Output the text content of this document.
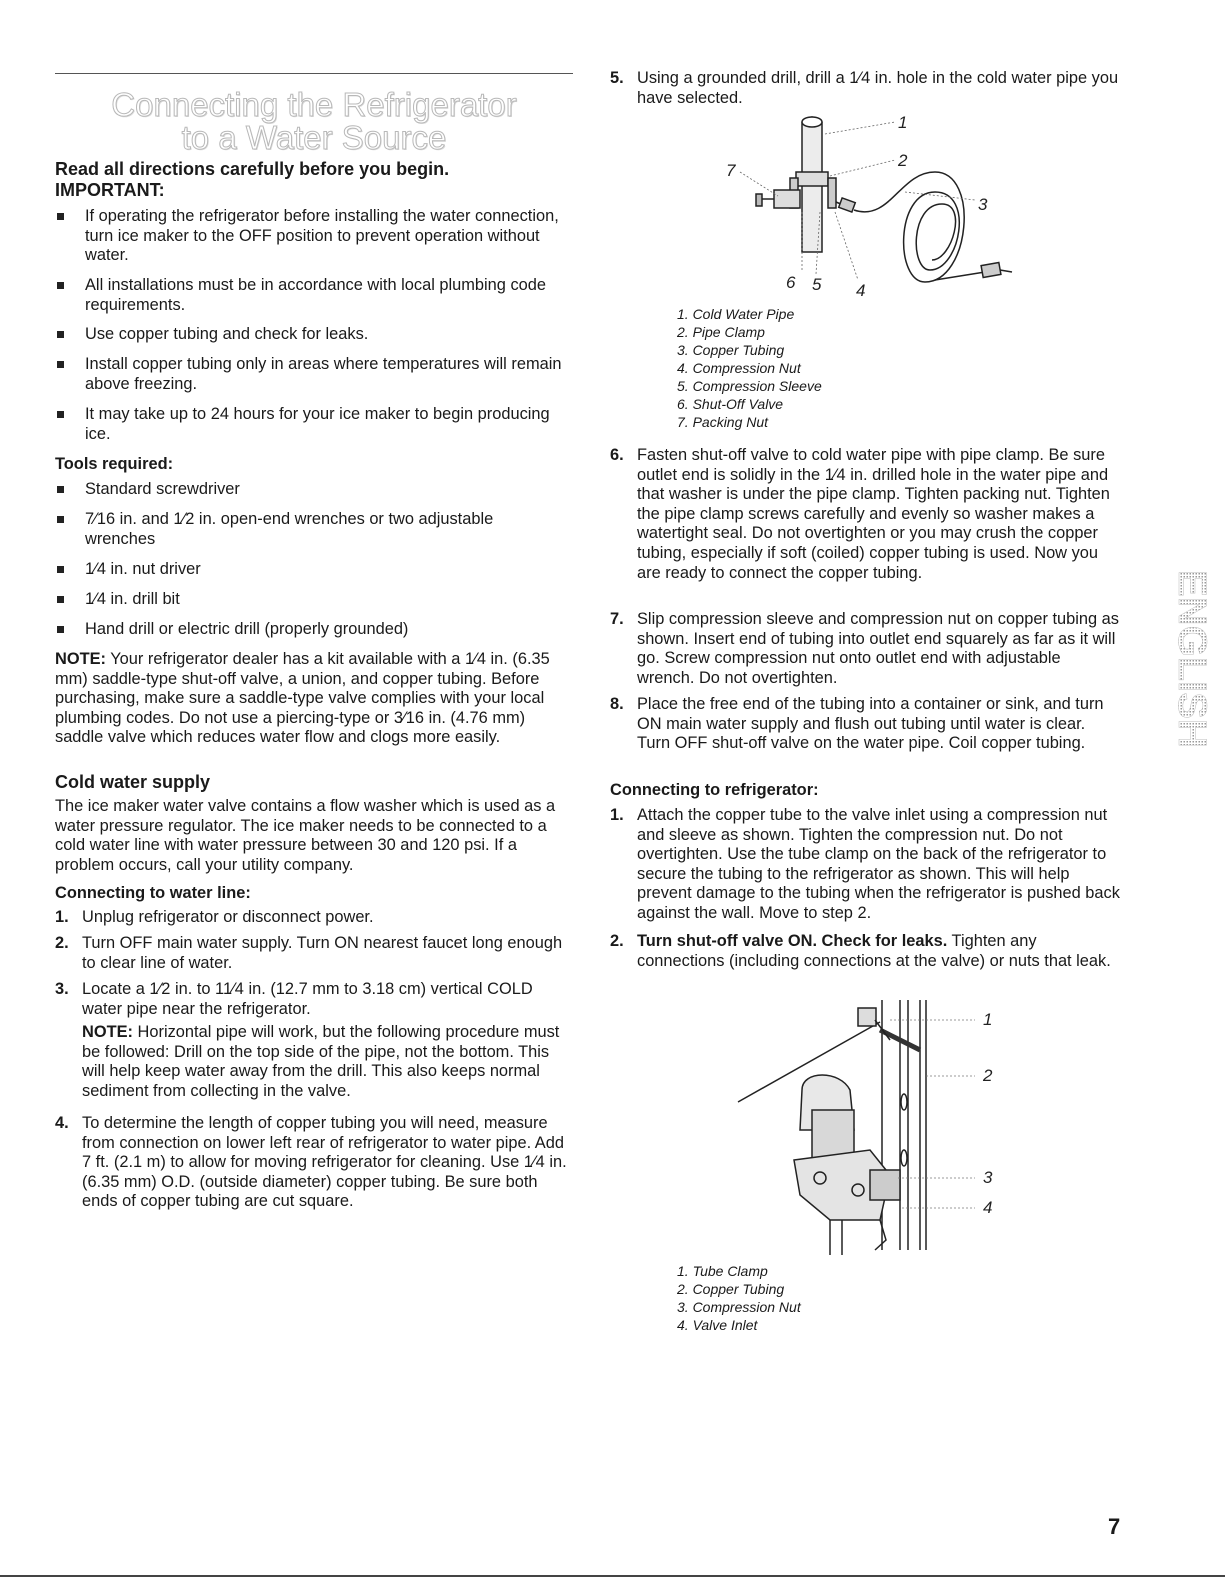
Connecting the Refrigerator
to a Water Source
Read all directions carefully before you begin.
IMPORTANT:
If operating the refrigerator before installing the water connection, turn ice maker to the OFF position to prevent operation without water.
All installations must be in accordance with local plumbing code requirements.
Use copper tubing and check for leaks.
Install copper tubing only in areas where temperatures will remain above freezing.
It may take up to 24 hours for your ice maker to begin producing ice.
Tools required:
Standard screwdriver
7⁄16 in. and 1⁄2 in. open-end wrenches or two adjustable wrenches
1⁄4 in. nut driver
1⁄4 in. drill bit
Hand drill or electric drill (properly grounded)
NOTE: Your refrigerator dealer has a kit available with a 1⁄4 in. (6.35 mm) saddle-type shut-off valve, a union, and copper tubing. Before purchasing, make sure a saddle-type valve complies with your local plumbing codes. Do not use a piercing-type or 3⁄16 in. (4.76 mm) saddle valve which reduces water flow and clogs more easily.
Cold water supply
The ice maker water valve contains a flow washer which is used as a water pressure regulator. The ice maker needs to be connected to a cold water line with water pressure between 30 and 120 psi. If a problem occurs, call your utility company.
Connecting to water line:
1. Unplug refrigerator or disconnect power.
2. Turn OFF main water supply. Turn ON nearest faucet long enough to clear line of water.
3. Locate a 1⁄2 in. to 11⁄4 in. (12.7 mm to 3.18 cm) vertical COLD water pipe near the refrigerator.
NOTE: Horizontal pipe will work, but the following procedure must be followed: Drill on the top side of the pipe, not the bottom. This will help keep water away from the drill. This also keeps normal sediment from collecting in the valve.
4. To determine the length of copper tubing you will need, measure from connection on lower left rear of refrigerator to water pipe. Add 7 ft. (2.1 m) to allow for moving refrigerator for cleaning. Use 1⁄4 in. (6.35 mm) O.D. (outside diameter) copper tubing. Be sure both ends of copper tubing are cut square.
5. Using a grounded drill, drill a 1⁄4 in. hole in the cold water pipe you have selected.
1
2
3
4
5
6
7
1. Cold Water Pipe
2. Pipe Clamp
3. Copper Tubing
4. Compression Nut
5. Compression Sleeve
6. Shut-Off Valve
7. Packing Nut
6. Fasten shut-off valve to cold water pipe with pipe clamp. Be sure outlet end is solidly in the 1⁄4 in. drilled hole in the water pipe and that washer is under the pipe clamp. Tighten packing nut. Tighten the pipe clamp screws carefully and evenly so washer makes a watertight seal. Do not overtighten or you may crush the copper tubing, especially if soft (coiled) copper tubing is used. Now you are ready to connect the copper tubing.
7. Slip compression sleeve and compression nut on copper tubing as shown. Insert end of tubing into outlet end squarely as far as it will go. Screw compression nut onto outlet end with adjustable wrench. Do not overtighten.
8. Place the free end of the tubing into a container or sink, and turn ON main water supply and flush out tubing until water is clear. Turn OFF shut-off valve on the water pipe. Coil copper tubing.
Connecting to refrigerator:
1. Attach the copper tube to the valve inlet using a compression nut and sleeve as shown. Tighten the compression nut. Do not overtighten. Use the tube clamp on the back of the refrigerator to secure the tubing to the refrigerator as shown. This will help prevent damage to the tubing when the refrigerator is pushed back against the wall. Move to step 2.
2. Turn shut-off valve ON. Check for leaks. Tighten any connections (including connections at the valve) or nuts that leak.
1
2
3
4
1. Tube Clamp
2. Copper Tubing
3. Compression Nut
4. Valve Inlet
ENGLISH
7
